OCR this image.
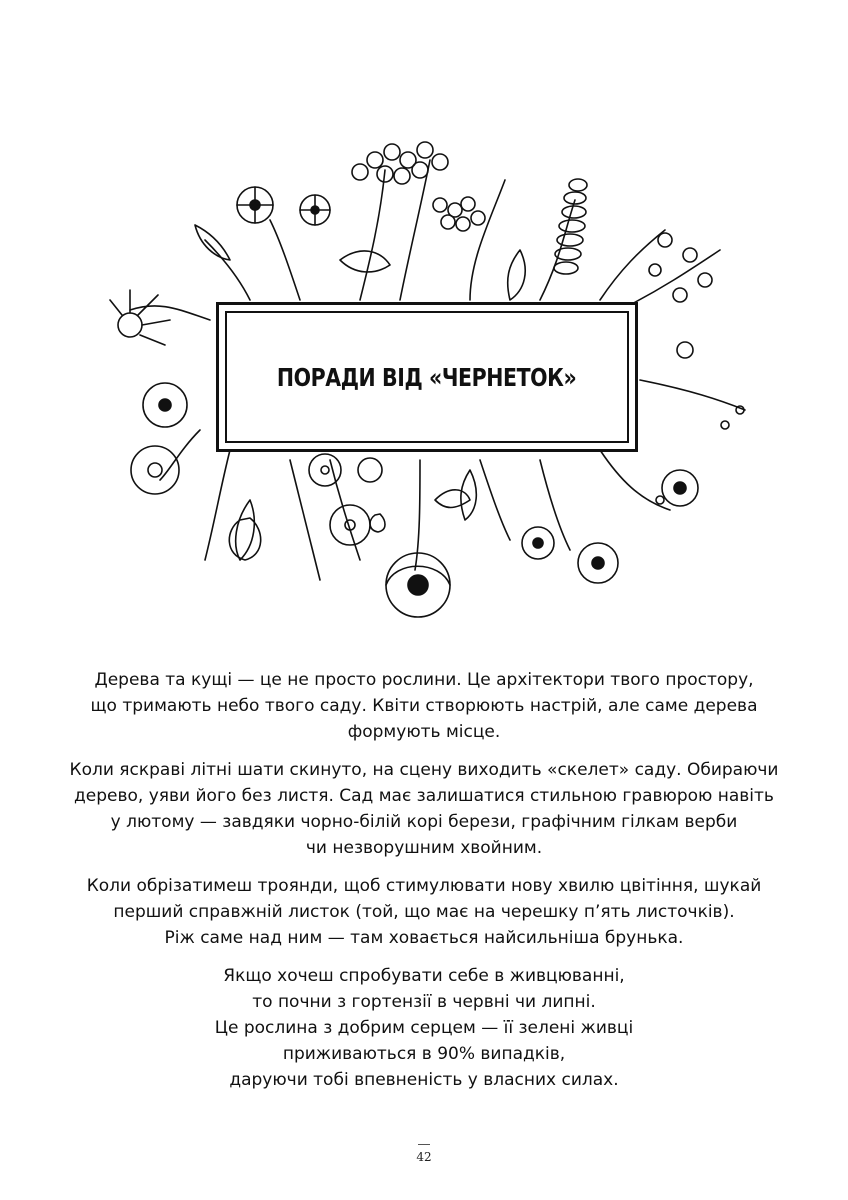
ПОРАДИ ВІД «ЧЕРНЕТОК»

Дерева та кущі — це не просто рослини. Це архітектори твого простору,
що тримають небо твого саду. Квіти створюють настрій, але саме дерева
формують місце.

Коли яскраві літні шати скинуто, на сцену виходить «скелет» саду. Обираючи
дерево, уяви його без листя. Сад має залишатися стильною гравюрою навіть
у лютому — завдяки чорно-білій корі берези, графічним гілкам верби
чи незворушним хвойним.

Коли обрізатимеш троянди, щоб стимулювати нову хвилю цвітіння, шукай
перший справжній листок (той, що має на черешку п’ять листочків).
Ріж саме над ним — там ховається найсильніша брунька.

Якщо хочеш спробувати себе в живцюванні,
то почни з гортензії в червні чи липні.
Це рослина з добрим серцем — її зелені живці
приживаються в 90% випадків,
даруючи тобі впевненість у власних силах.

42
